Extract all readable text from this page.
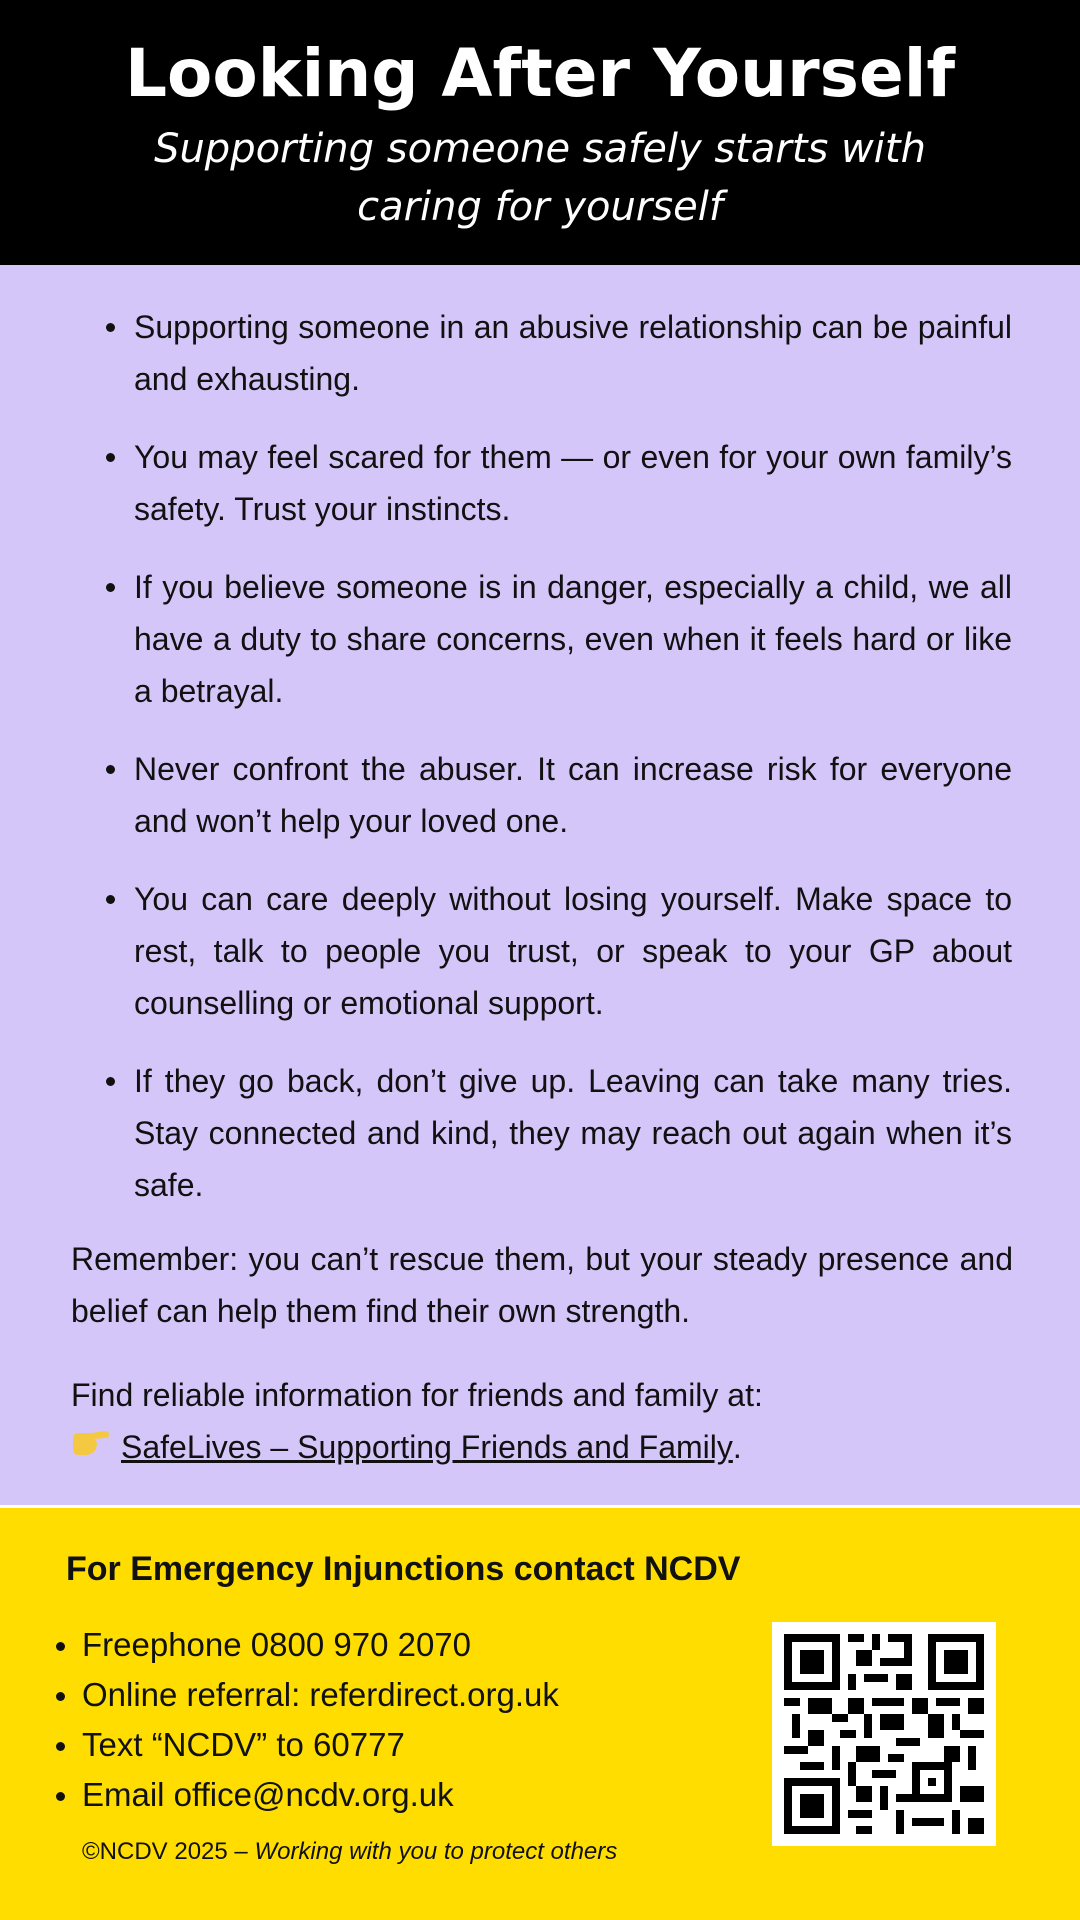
Looking After Yourself
Supporting someone safely starts with caring for yourself
Supporting someone in an abusive relationship can be painful and exhausting.
You may feel scared for them — or even for your own family’s safety. Trust your instincts.
If you believe someone is in danger, especially a child, we all have a duty to share concerns, even when it feels hard or like a betrayal.
Never confront the abuser. It can increase risk for everyone and won’t help your loved one.
You can care deeply without losing yourself. Make space to rest, talk to people you trust, or speak to your GP about counselling or emotional support.
If they go back, don’t give up. Leaving can take many tries. Stay connected and kind, they may reach out again when it’s safe.
Remember: you can’t rescue them, but your steady presence and belief can help them find their own strength.
Find reliable information for friends and family at:
SafeLives – Supporting Friends and Family .
For Emergency Injunctions contact NCDV
Freephone 0800 970 2070
Online referral: referdirect.org.uk
Text “NCDV” to 60777
Email office@ncdv.org.uk
©NCDV 2025 – Working with you to protect others
